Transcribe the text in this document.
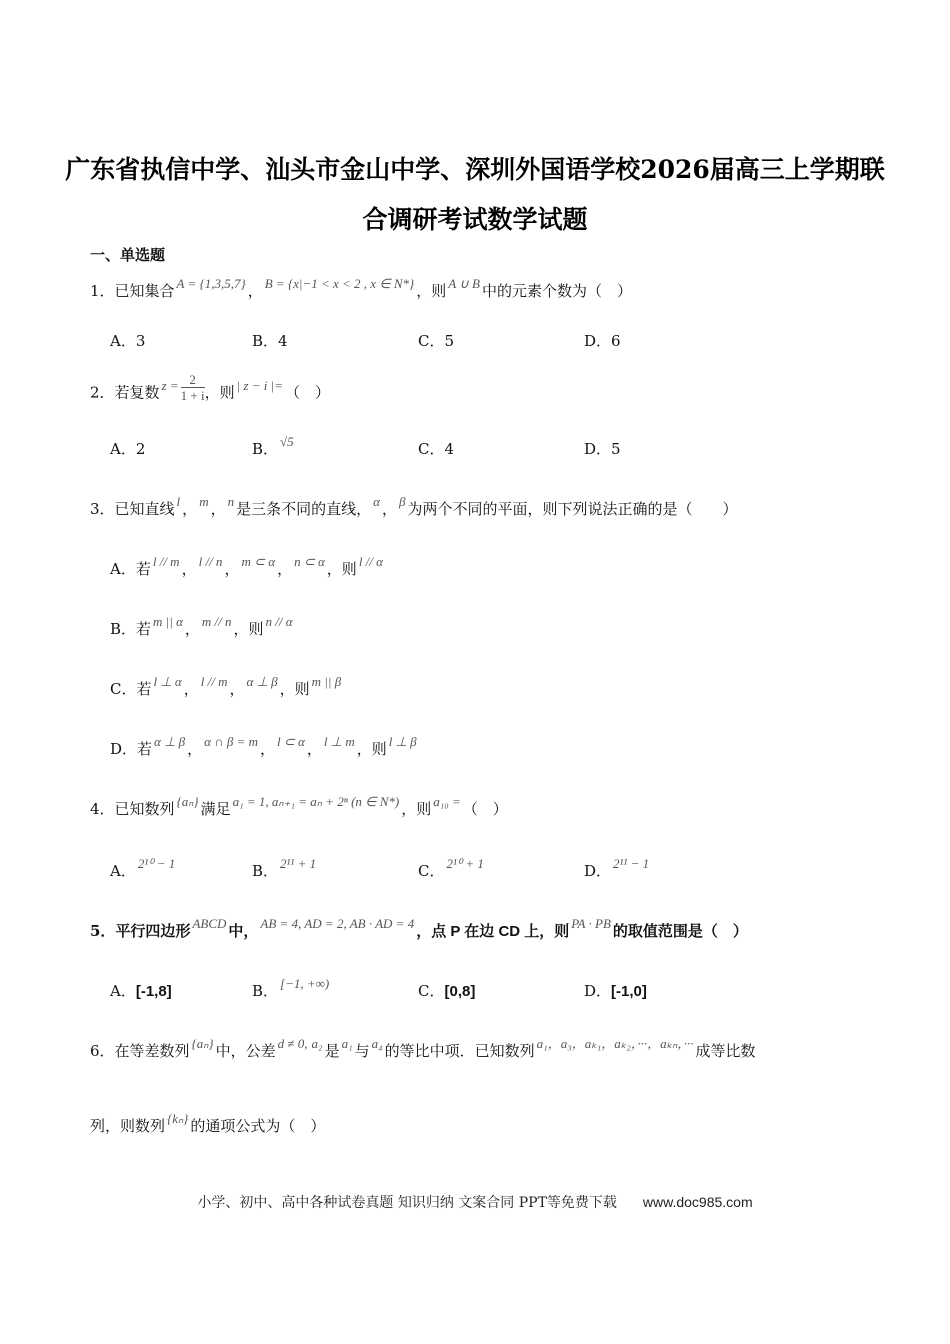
广东省执信中学、汕头市金山中学、深圳外国语学校2026届高三上学期联
合调研考试数学试题
一、单选题
1．已知集合 A = {1,3,5,7} ， B = {x|−1 < x < 2 , x ∈ N*} ，则 A ∪ B 中的元素个数为（　）
A．3	B．4	C．5	D．6
2．若复数 $z = \frac{2}{1 + i}$ ，则 | z − i |= （　）
A．2	B． √5	C．4	D．5
3．已知直线 l ， m ， n 是三条不同的直线， α ， β 为两个不同的平面，则下列说法正确的是（　　）
A．若 l // m ， l // n ， m ⊂ α ， n ⊂ α ，则 l // α
B．若 m || α ， m // n ，则 n // α
C．若 l ⊥ α ， l // m ， α ⊥ β ，则 m || β
D．若 α ⊥ β ， α ∩ β = m ， l ⊂ α ， l ⊥ m ，则 l ⊥ β
4．已知数列 {aₙ} 满足 a₁ = 1, aₙ₊₁ = aₙ + 2ⁿ (n ∈ N*) ，则 a₁₀ = （　）
A． 2¹⁰ − 1	B． 2¹¹ + 1	C． 2¹⁰ + 1	D． 2¹¹ − 1
5．平行四边形 ABCD 中， AB = 4, AD = 2, AB · AD = 4 ，点 P 在边 CD 上，则 PA · PB 的取值范围是（　）
A．[-1,8]	B． [−1, +∞)	C．[0,8]	D．[-1,0]
6．在等差数列 {aₙ} 中，公差 d ≠ 0, a₂ 是 a₁ 与 a₄ 的等比中项．已知数列 a₁，a₃，aₖ₁，aₖ₂，···，aₖₙ，··· 成等比数
列，则数列 {kₙ} 的通项公式为（　）
小学、初中、高中各种试卷真题 知识归纳 文案合同 PPT等免费下载 www.doc985.com
